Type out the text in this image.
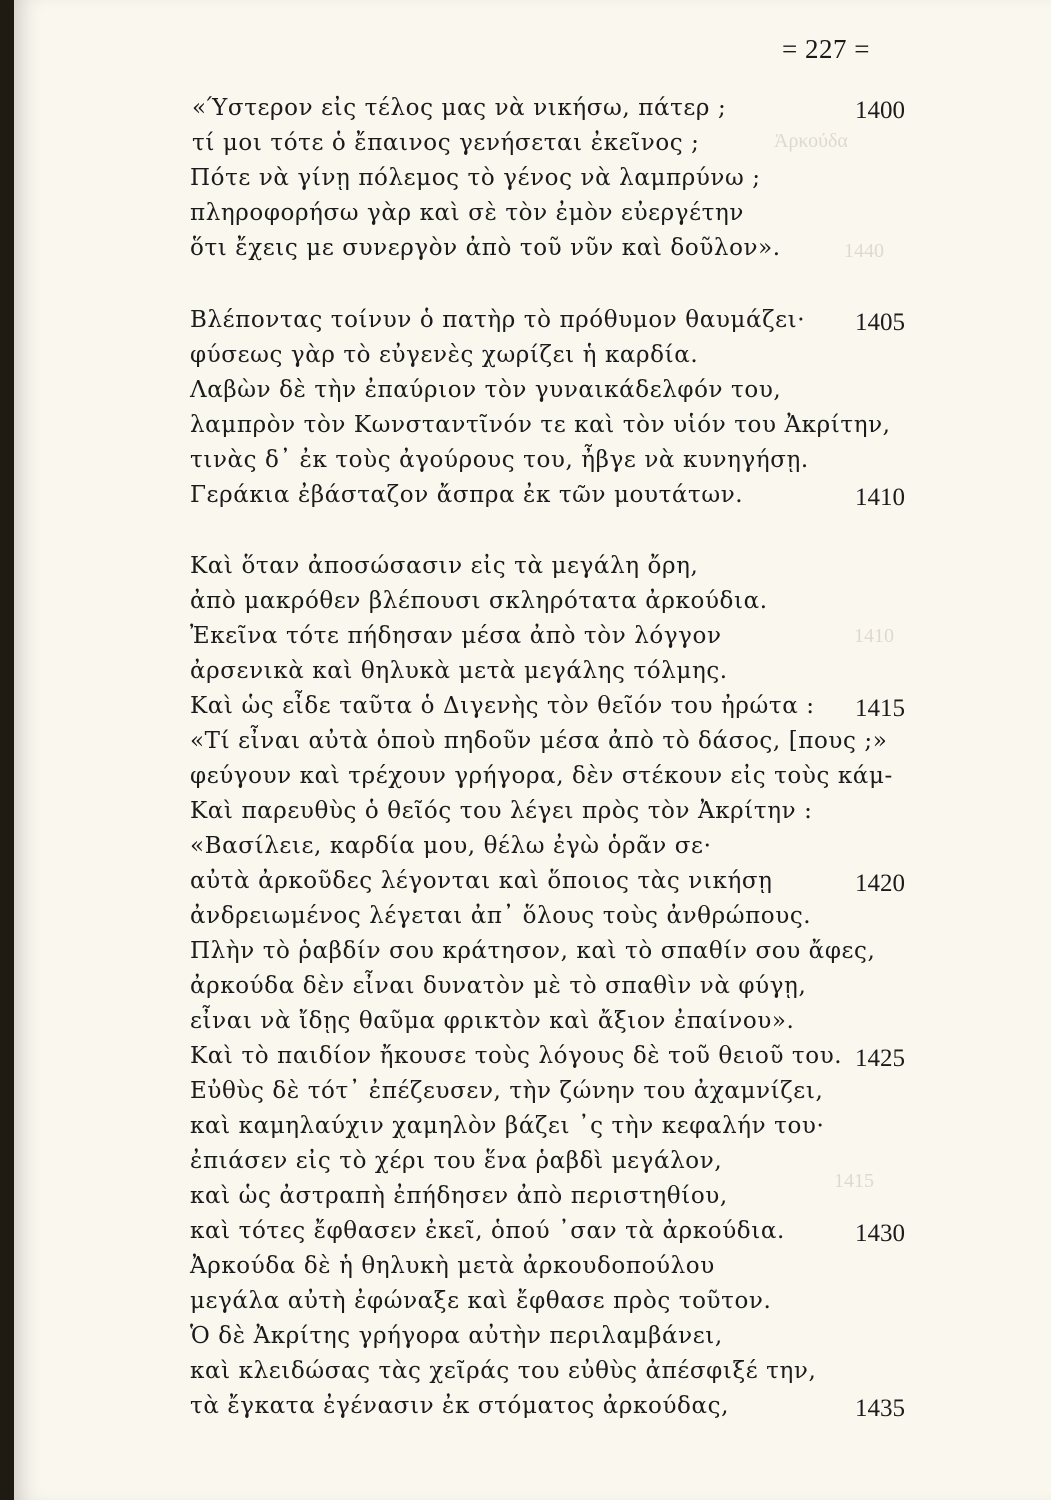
= 227 =
Ἀρκούδα
1440
1410
1415
«Ύστερον εἰς τέλος μας νὰ νικήσω, πάτερ ;	1400
τί μοι τότε ὁ ἔπαινος γενήσεται ἐκεῖνος ;
Πότε νὰ γίνῃ πόλεμος τὸ γένος νὰ λαμπρύνω ;
πληροφορήσω γὰρ καὶ σὲ τὸν ἐμὸν εὐεργέτην
ὅτι ἔχεις με συνεργὸν ἀπὸ τοῦ νῦν καὶ δοῦλον».
Βλέποντας τοίνυν ὁ πατὴρ τὸ πρόθυμον θαυμάζει· 1405
φύσεως γὰρ τὸ εὐγενὲς χωρίζει ἡ καρδία.
Λαβὼν δὲ τὴν ἐπαύριον τὸν γυναικάδελφόν του,
λαμπρὸν τὸν Κωνσταντῖνόν τε καὶ τὸν υἱόν του Ἀκρίτην,
τινὰς δ᾿ ἐκ τοὺς ἀγούρους του, ἦβγε νὰ κυνηγήσῃ.
Γεράκια ἐβάσταζον ἄσπρα ἐκ τῶν μουτάτων.	1410
Καὶ ὅταν ἀποσώσασιν εἰς τὰ μεγάλη ὄρη,
ἀπὸ μακρόθεν βλέπουσι σκληρότατα ἀρκούδια.
Ἐκεῖνα τότε πήδησαν μέσα ἀπὸ τὸν λόγγον
ἀρσενικὰ καὶ θηλυκὰ μετὰ μεγάλης τόλμης.
Καὶ ὡς εἶδε ταῦτα ὁ Διγενὴς τὸν θεῖόν του ἠρώτα : 1415
«Τί εἶναι αὐτὰ ὁποὺ πηδοῦν μέσα ἀπὸ τὸ δάσος, [πους ;»
φεύγουν καὶ τρέχουν γρήγορα, δὲν στέκουν εἰς τοὺς κάμ-
Καὶ παρευθὺς ὁ θεῖός του λέγει πρὸς τὸν Ἀκρίτην :
«Βασίλειε, καρδία μου, θέλω ἐγὼ ὁρᾶν σε·
αὐτὰ ἀρκοῦδες λέγονται καὶ ὅποιος τὰς νικήσῃ	1420
ἀνδρειωμένος λέγεται ἀπ᾿ ὅλους τοὺς ἀνθρώπους.
Πλὴν τὸ ῥαβδίν σου κράτησον, καὶ τὸ σπαθίν σου ἄφες,
ἀρκούδα δὲν εἶναι δυνατὸν μὲ τὸ σπαθὶν νὰ φύγῃ,
εἶναι νὰ ἴδῃς θαῦμα φρικτὸν καὶ ἄξιον ἐπαίνου».
Καὶ τὸ παιδίον ἤκουσε τοὺς λόγους δὲ τοῦ θειοῦ του. 1425
Εὐθὺς δὲ τότ᾿ ἐπέζευσεν, τὴν ζώνην του ἀχαμνίζει,
καὶ καμηλαύχιν χαμηλὸν βάζει ᾿ς τὴν κεφαλήν του·
ἐπιάσεν εἰς τὸ χέρι του ἕνα ῥαβδὶ μεγάλον,
καὶ ὡς ἀστραπὴ ἐπήδησεν ἀπὸ περιστηθίου,
καὶ τότες ἔφθασεν ἐκεῖ, ὁπού ᾿σαν τὰ ἀρκούδια.	1430
Ἀρκούδα δὲ ἡ θηλυκὴ μετὰ ἀρκουδοπούλου
μεγάλα αὐτὴ ἐφώναξε καὶ ἔφθασε πρὸς τοῦτον.
Ὁ δὲ Ἀκρίτης γρήγορα αὐτὴν περιλαμβάνει,
καὶ κλειδώσας τὰς χεῖράς του εὐθὺς ἀπέσφιξέ την,
τὰ ἔγκατα ἐγένασιν ἐκ στόματος ἀρκούδας,	1435
